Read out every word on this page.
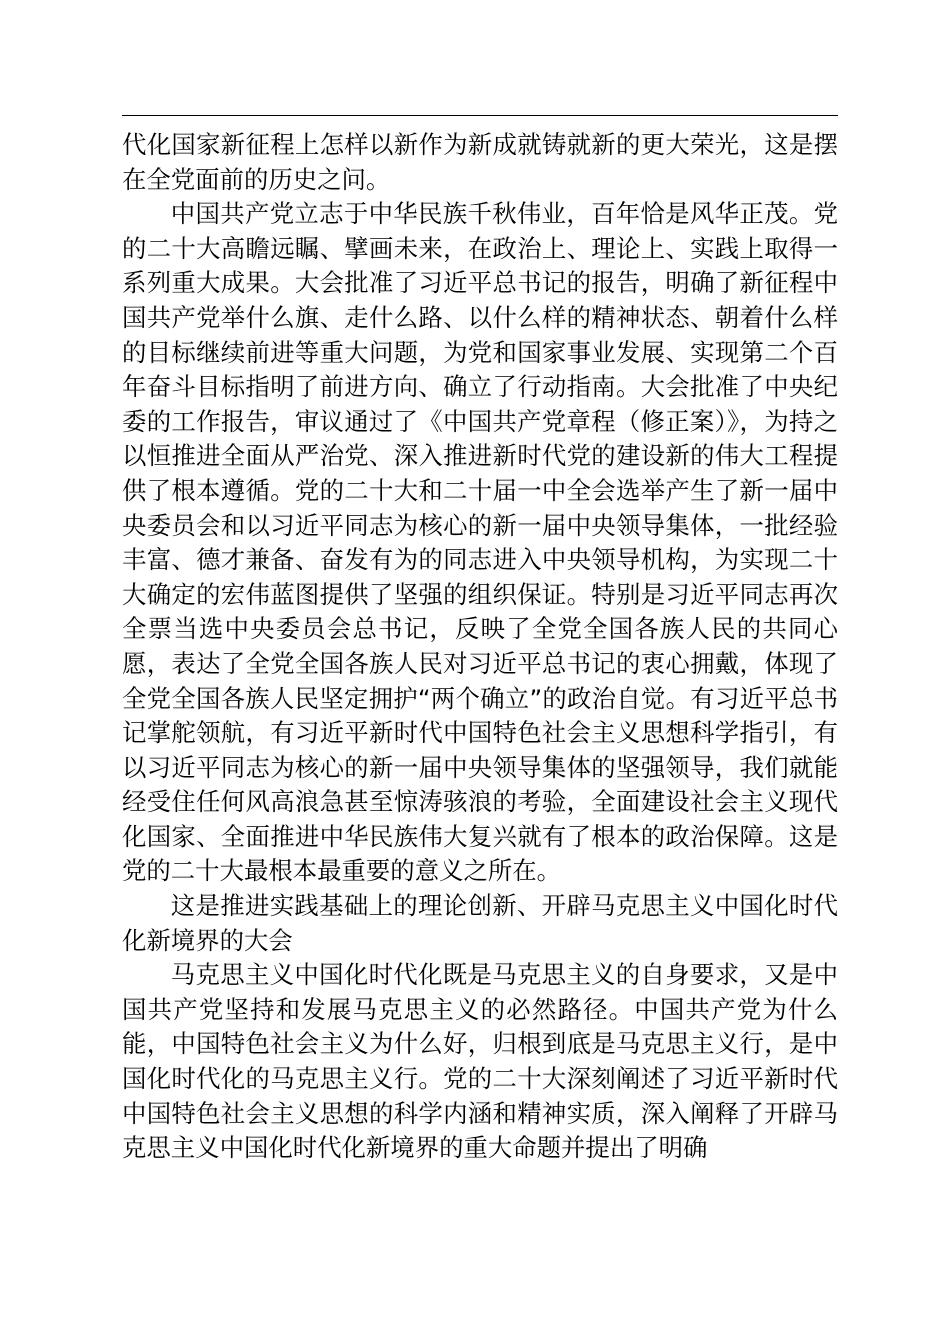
代化国家新征程上怎样以新作为新成就铸就新的更大荣光，这是摆在全党面前的历史之问。

中国共产党立志于中华民族千秋伟业，百年恰是风华正茂。党的二十大高瞻远瞩、擘画未来，在政治上、理论上、实践上取得一系列重大成果。大会批准了习近平总书记的报告，明确了新征程中国共产党举什么旗、走什么路、以什么样的精神状态、朝着什么样的目标继续前进等重大问题，为党和国家事业发展、实现第二个百年奋斗目标指明了前进方向、确立了行动指南。大会批准了中央纪委的工作报告，审议通过了《中国共产党章程（修正案）》，为持之以恒推进全面从严治党、深入推进新时代党的建设新的伟大工程提供了根本遵循。党的二十大和二十届一中全会选举产生了新一届中央委员会和以习近平同志为核心的新一届中央领导集体，一批经验丰富、德才兼备、奋发有为的同志进入中央领导机构，为实现二十大确定的宏伟蓝图提供了坚强的组织保证。特别是习近平同志再次全票当选中央委员会总书记，反映了全党全国各族人民的共同心愿，表达了全党全国各族人民对习近平总书记的衷心拥戴，体现了全党全国各族人民坚定拥护“两个确立”的政治自觉。有习近平总书记掌舵领航，有习近平新时代中国特色社会主义思想科学指引，有以习近平同志为核心的新一届中央领导集体的坚强领导，我们就能经受住任何风高浪急甚至惊涛骇浪的考验，全面建设社会主义现代化国家、全面推进中华民族伟大复兴就有了根本的政治保障。这是党的二十大最根本最重要的意义之所在。

这是推进实践基础上的理论创新、开辟马克思主义中国化时代化新境界的大会

马克思主义中国化时代化既是马克思主义的自身要求，又是中国共产党坚持和发展马克思主义的必然路径。中国共产党为什么能，中国特色社会主义为什么好，归根到底是马克思主义行，是中国化时代化的马克思主义行。党的二十大深刻阐述了习近平新时代中国特色社会主义思想的科学内涵和精神实质，深入阐释了开辟马克思主义中国化时代化新境界的重大命题并提出了明确
